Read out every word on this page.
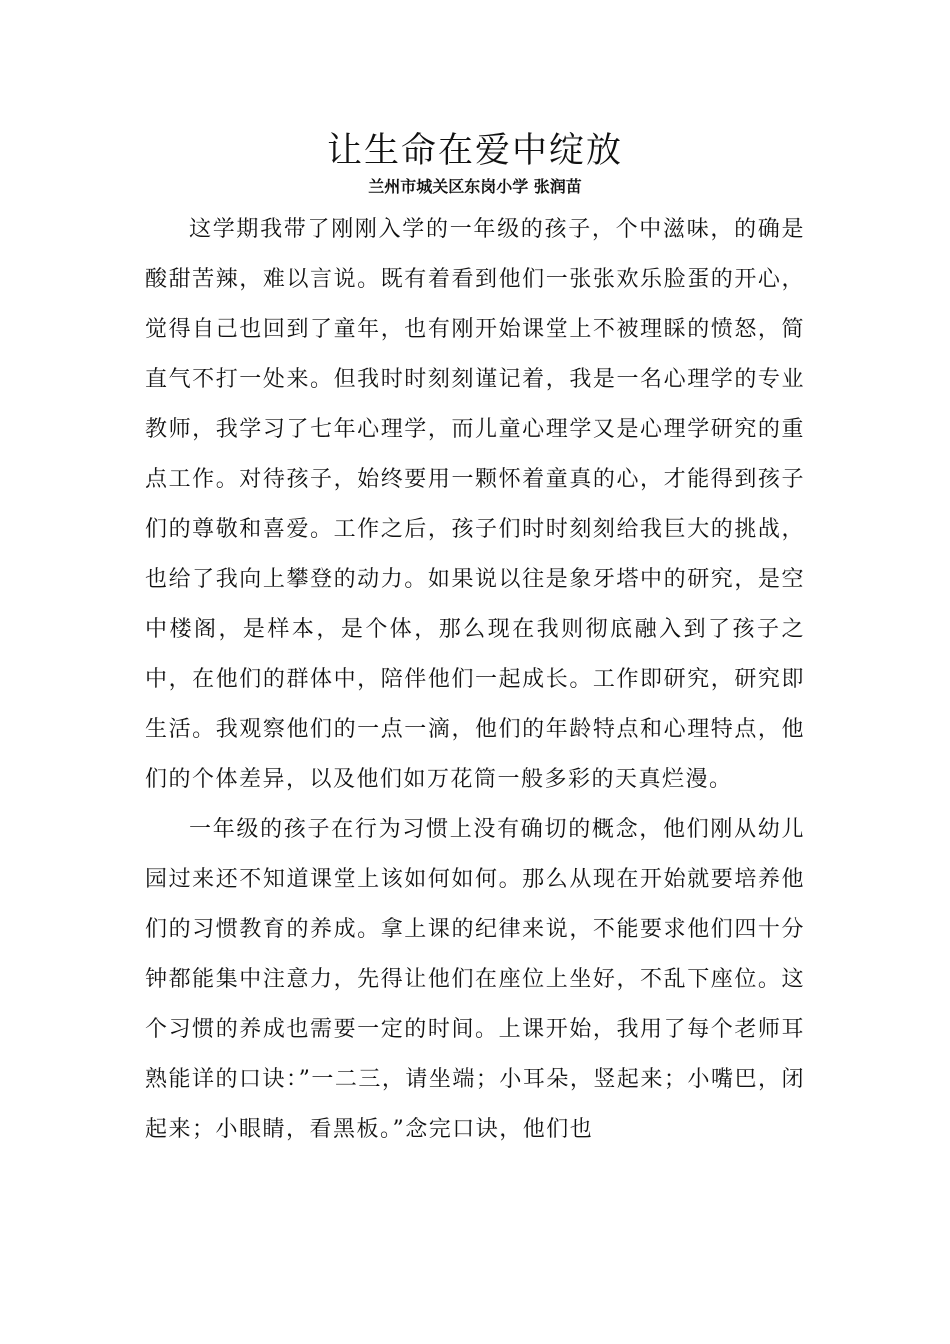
让生命在爱中绽放
兰州市城关区东岗小学 张润苗

这学期我带了刚刚入学的一年级的孩子，个中滋味，的确是酸甜苦辣，难以言说。既有着看到他们一张张欢乐脸蛋的开心，觉得自己也回到了童年，也有刚开始课堂上不被理睬的愤怒，简直气不打一处来。但我时时刻刻谨记着，我是一名心理学的专业教师，我学习了七年心理学，而儿童心理学又是心理学研究的重点工作。对待孩子，始终要用一颗怀着童真的心，才能得到孩子们的尊敬和喜爱。工作之后，孩子们时时刻刻给我巨大的挑战，也给了我向上攀登的动力。如果说以往是象牙塔中的研究，是空中楼阁，是样本，是个体，那么现在我则彻底融入到了孩子之中，在他们的群体中，陪伴他们一起成长。工作即研究，研究即生活。我观察他们的一点一滴，他们的年龄特点和心理特点，他们的个体差异，以及他们如万花筒一般多彩的天真烂漫。

一年级的孩子在行为习惯上没有确切的概念，他们刚从幼儿园过来还不知道课堂上该如何如何。那么从现在开始就要培养他们的习惯教育的养成。拿上课的纪律来说，不能要求他们四十分钟都能集中注意力，先得让他们在座位上坐好，不乱下座位。这个习惯的养成也需要一定的时间。上课开始，我用了每个老师耳熟能详的口诀：”一二三，请坐端；小耳朵，竖起来；小嘴巴，闭起来；小眼睛，看黑板。”念完口诀，他们也
